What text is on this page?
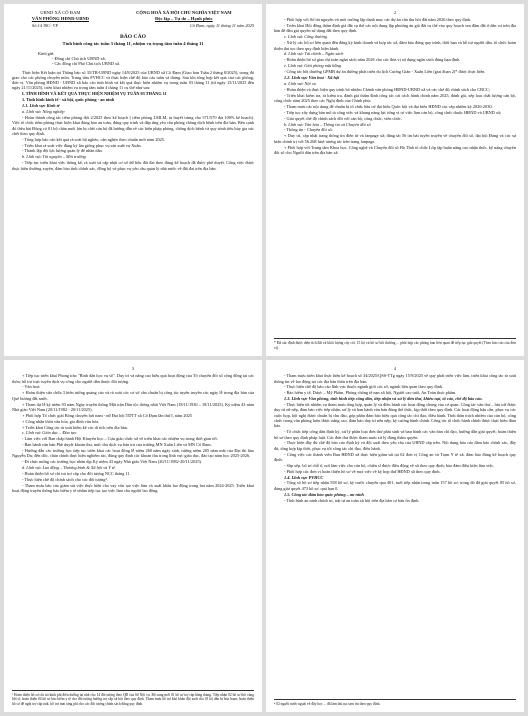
UBND XÃ CÔ ĐẠM
VĂN PHÒNG HĐND-UBND
CỘNG HOÀ XÃ HỘI CHỦ NGHĨA VIỆT NAM
Độc lập – Tự do – Hạnh phúc
Số:14 /BC- VP	Cổ Đạm, ngày 11 tháng 11 năm 2025
BÁO CÁO
Tình hình công tác tuần 3 tháng 11, nhiệm vụ trọng tâm tuần 4 tháng 11
Kính gửi:
- Đồng chí Chủ tịch UBND xã;
- Các đồng chí Phó Chủ tịch UBND xã.

Thực hiện Kết luận tại Thông báo số 35/TB-UBND ngày 14/8/2025 của UBND xã Cổ Đạm (Giao ban Tuần 2 tháng 8/2025), trong đó giao cho các phòng chuyên môn, Trung tâm PVHCC và thực hiện chế độ báo cáo tuần và tháng. Sau khi tổng hợp kết quả của các phòng, đơn vị. Văn phòng HĐND - UBND xã báo cáo tình hình và kết quả thực hiện nhiệm vụ trong tuần 03 tháng 11 (từ ngày 15/11/2025 đến ngày 21/11/2025), triển khai nhiệm vụ trọng tâm tuần 4 tháng 11 cụ thể như sau:

I. TÌNH HÌNH VÀ KẾT QUẢ THỰC HIỆN NHIỆM VỤ TUẦN 03 THÁNG 11

1. Tình hình kinh tế - xã hội, quốc phòng - an ninh

1.1. Lĩnh vực Kinh tế

a. Lĩnh vực Nông nghiệp

- Hoàn thành công tác tiêm phòng đợt 2/2025 theo kế hoạch ( tiêm phòng LMLM, tụ huyết trùng cho 571/570 đạt 100% kế hoạch). Việc tổ chức tiêm phòng thực hiện khai đúng bảo an toàn, đúng quy trình và đáp ứng yêu cầu phòng chống dịch bệnh trên địa bàn. Bên cạnh đó thêu bài Đông có 01 hộ chăn nuôi lợn bị chết cán bộ đã hướng dẫn về các biện pháp phòng, chống dịch bệnh và quy trình tiêu hủy gia súc chết theo quy định.

- Tổng hợp báo cáo kết quả rà soát hộ nghèo, cận nghèo theo chuẩn mới năm 2025.

- Triển khai rà soát việc đăng ký lúa giống phục vụ sản xuất vụ Xuân.

- Thành lập đội lực lượng quản lý đê nhân dân.

b. Lĩnh vực Tài nguyên – Môi trường

- Tiếp tục triển khai việc thống kê, rà soát và cập nhật cơ sở dữ liệu đất đai theo đúng kế hoạch đã được phê duyệt. Công việc được thực hiện thường xuyên, đảm bảo tính chính xác, đồng bộ và phục vụ yêu cầu quản lý nhà nước về đất đai trên địa bàn.

2

- Phối hợp với Sở tài nguyên và môi trường lập danh mục các dự án cần thu hồi đất năm 2026 theo quy định.

- Triển khai Hội đồng thẩm định giá đất cụ thể các nội dung lập phương án giá đất cụ thể vào quy hoạch sen đầm đất ở dân cư trên địa bàn để đầu giá quyền sử dụng đất theo quy định.

c. Lĩnh vực Công thương

- Xử lý các hồ sơ liên quan đến đăng ký kinh doanh và hợp tác xã, đảm bảo đúng quy trình, thời hạn và hỗ trợ người dân, tổ chức hoàn thiện thủ tục theo quy định hiện hành.

d. Lĩnh vực Tài chính – Ngân sách

- Hoàn thiện hồ sơ giao dự toán ngân sách năm 2026 cho các đơn vị sử dụng ngân sách đúng hạn định.

e. Lĩnh vực Giải phóng mặt bằng

- Công tác bồi thường GPMB dự án đường phát triển du lịch Cương Gián - Xuân Liên (giai đoạn 2)* được thực hiện.

1.2. Lĩnh vực Văn hoá - Xã hội

a. Lĩnh vực Nội vụ

- Hoàn thiện và thực hiện quy trình bổ nhiệm Chánh văn phòng HĐND-UBND xã và các chế độ chính sách cho CBCC;

- Triển khai kiểm tra, rà kiểm tra, đánh giá thẩm định công tác cải cách hành chính năm 2025, đánh giá, xếp loại chất lượng cán bộ, công chức năm 2025 theo các Nghị định của Chính phủ;

- Tham mưu các nội dung để chuẩn bị tổ chức bầu cử đại biểu Quốc hội và đại biểu HĐND các cấp nhiệm kỳ 2026-2030;

- Tiếp tục xây dựng bản mô tả công việc và khung năng lực từng vị trí việc làm cán bộ, công chức thuộc HĐND và UBND xã;

- Giải quyết chế độ chính sách đối với cán bộ, công chức, viên chức.

b. Lĩnh vực Văn hóa – Thông tin và Chuyển đổi số

- Thông tin - Chuyển đổi số:

+ Duy trì, cập nhật trang thông tin điện tử và fanpage xã; đăng tải 56 tin bài tuyên truyền về chuyển đổi số, đại hội Đảng và các sự kiện chính trị với 56.268 lượt tương tác trên trang fanpage.

+ Phối hợp với Trung tâm Khoa học, Công nghệ và Chuyển đổi số Hà Tĩnh tổ chức Lớp tập huấn nâng cao nhận thức, kỹ năng chuyển đổi số cho Người dân trên địa bàn xã.

* Đã xác định được diện tích đất và khối lượng cây cối, 15 hộ và hồ sơ bồi thường ... phối hợp các phòng ban liên quan để tiếp tục giải quyết (Theo báo cáo của đơn vị).
3

+ Tiếp tục triển khai Phong trào "Bình dân học vụ số". Duy trì và nâng cao hiệu quả hoạt động của Tổ chuyển đổi số cộng đồng tại các thôn; hỗ trợ trực tuyến dịch vụ công cho người dân thuộc đối tượng.

- Văn hoá:

+ Hoàn thiện sửa chữa 3 biển tường quảng cáo và rà soát các cơ sở cần chuẩn bị công tác tuyên truyền các ngày lễ trong địa bàn của Quê hương đất nước.

+ Tham dự lễ kỷ niệm 93 năm Ngày truyền thống Mặt trận Dân tộc thống nhất Việt Nam (18/11/1930 – 18/11/2025). Kỷ niệm 43 năm Nhà giáo Việt Nam (20/11/1982 - 20/11/2025).

+ Phối hợp Tổ chức giải Bóng chuyền hơi nam - nữ Đại hội TDTT xã Cổ Đạm lần thứ I, năm 2025

+ Công nhận thôn văn hóa, gia đình văn hóa.

+ Triển khai Công tác rà soát kiểm kê các di tích trên địa bàn.

c. Lĩnh vực Giáo dục – Đào tạo

- Làm việc với Ban chấp hành Hội Khuyến học – Cựu giáo chức xã về triển khai các nhiệm vụ trong thời gian tới.

- Ban hành văn bản Phê duyệt khoản thu, mức thu dịch vụ bán trú của trường MN Xuân Liên và MN Cổ Đạm.

- Hướng dẫn các trường học tiếp tục triển khai các hoạt động lễ niệm 260 năm ngày sinh, tưởng niệm 205 năm mất của Đại thi hào Nguyễn Du; đến dốc, chăn chỉnh thực hiện nghiêm túc, đúng quy định các khoản thu trong lĩnh vực giáo dục, đào tạo năm học 2025-2026.

- Đi chúc mừng các trường học nhân dịp Kỷ niệm 43 ngày Nhà giáo Việt Nam (20/11/1982-20/11/2025).

d. Lĩnh vực Lao động – Thương binh & Xã hội và Y tế

- Hoàn thiện hồ sơ chi trả trợ cấp cho đối tượng NCC tháng 11.

- Thực hiện chế độ chính sách cho các đối tượng³.

- Tham mưu báo cáo giám sát việc thực hiện cho vay vốn tạo việc làm và xuất khẩu lao động trong hai năm 2024-2025. Triển khai hoạt động truyền thông bảo hiểm y tế nhằm tiếp tục tạo việc làm cho người lao động.

³ Hoàn thiện hồ sơ chi trả kinh phí điều dưỡng tại nhà cho 14 đối tượng theo QĐ của Sở Nội vụ. Bổ sung mới 01 hồ sơ trợ cấp hằng tháng. Tiếp nhận 02 hồ sơ thờ cúng liệt sĩ; hoàn thiện 04 hồ sơ bảo hiểm y tế cho đối tượng hưởng trợ cấp xã hội theo quy định. Tham mưu hỗ trợ khó khăn đột xuất cho 01 hộ dân bị hỏa hoạn; hoàn thiện hồ sơ đề nghị trợ cấp tuất, hỗ trợ mai táng phí cho các đối tượng chính sách đúng quy định.
4

- Tham mưu triển khai thực hiện kế hoạch số 34/2025/QSS-TTg ngày 15/9/2025 về quy phát triển việc làm, triển khai công tác rà soát thông tin về lao động tại các địa bàn thôn trên địa bàn.

- Thực hiện chế độ báo cáo lĩnh vực thuộc ngành giới các sở, ngành liên quan theo quy định.

- Bảo hiểm y tế, Dược – Mỹ Phẩm, Phòng chống tệ nạn xã hội, Người cao tuổi, An Toàn thực phẩm.

1.3. Lĩnh vực Văn phòng, tình hình tiếp công dân, tiếp nhận và xử lý đơn thư, khiếu nại, tố cáo, chế độ báo cáo.

- Thực hiện tốt nhiệm vụ tham mưu tổng hợp, quản lý và điều hành các hoạt động chung của cơ quan. Công tác văn thư – lưu trữ được duy trì nề nếp, đảm bảo việc tiếp nhận, xử lý và ban hành văn bản đúng thể thức, kịp thời theo quy định. Các hoạt động hậu cần, phục vụ các cuộc họp, hội nghị được chuẩn bị chu đáo, góp phần đảm bảo hiệu quả công tác chỉ đạo, điều hành. Tình thần trách nhiệm của cán bộ, công chức trong văn phòng luôn được nâng cao, đảm bảo duy trì nền nếp, kỷ cương hành chính. Công tác tổ chức hành chính được thực hiện đảm bảo.

- Tổ chức tiếp công dân định kỳ, xử lý phân loại đơn thư phát sinh và ban hành các văn bản chỉ đạo, hướng dẫn giải quyết; hoàn thiện hồ sơ theo quy định pháp luật. Các đơn thư được tham mưu xử lý đúng thẩm quyền.

- Thực hiện đầy đủ chế độ báo cáo định kỳ và đột xuất theo yêu cầu của UBND cấp trên. Nội dung báo cáo đảm bảo chính xác, đầy đủ, tổng hợp kịp thời, phục vụ tốt công tác chỉ đạo, điều hành.

- Công việc các thành viên Ban HĐND xã thực hiện giám sát tại 02 đơn vị Công an và Trạm Y tế xã, đảm bảo đúng kế hoạch quy định.

- Sắp xếp, bố trí chỗ ở, nơi làm việc cho cán bộ, chiến sĩ được điều động về xã theo quy định; bảo đảm điều kiện làm việc.

- Phối hợp các đơn vị hoàn thiện hồ sơ về mọi việc về kỳ họp thứ HĐND xã theo quy định.

1.4. Lĩnh vực PVHCC

- Tổng số hồ sơ tiếp nhận 558 hồ sơ, kỳ trước chuyển qua 401, mới tiếp nhận trong tuần 157 hồ sơ; trong đó đã giải quyết 85 hồ sơ, đang giải quyết 473 hồ sơ, quá hạn 0.

1.5. Công tác đảm bảo quốc phòng – an ninh

- Tình hình an ninh chính trị, trật tự an toàn xã hội trên địa bàn cơ bản ổn định.

⁴ 02 người nước ngoài về đây học ... đã làm thủ tục tạm trú theo quy định.
